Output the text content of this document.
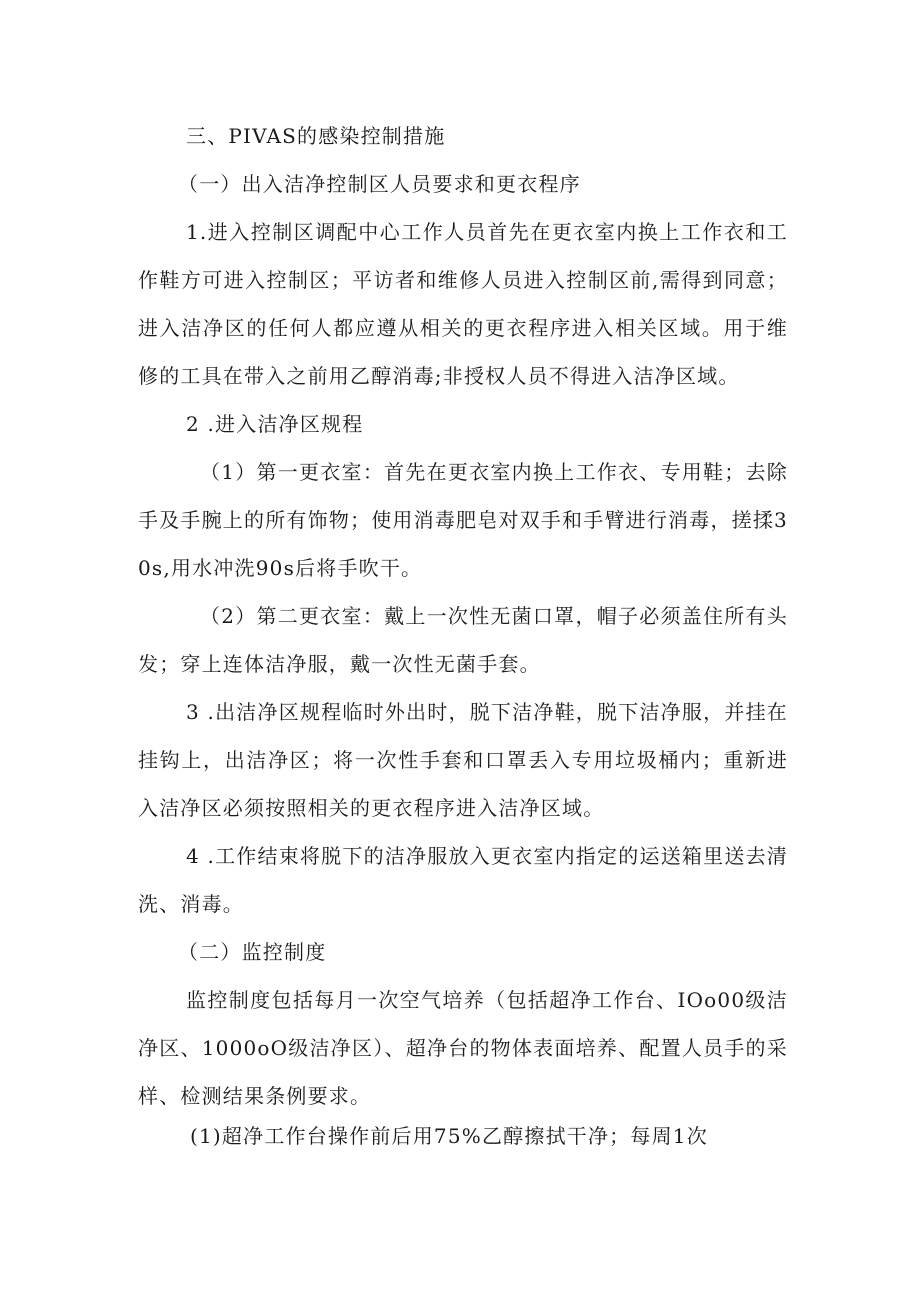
三、PIVAS的感染控制措施

（一）出入洁净控制区人员要求和更衣程序

1.进入控制区调配中心工作人员首先在更衣室内换上工作衣和工作鞋方可进入控制区；平访者和维修人员进入控制区前,需得到同意；进入洁净区的任何人都应遵从相关的更衣程序进入相关区域。用于维修的工具在带入之前用乙醇消毒;非授权人员不得进入洁净区域。

2 .进入洁净区规程

（1）第一更衣室：首先在更衣室内换上工作衣、专用鞋；去除手及手腕上的所有饰物；使用消毒肥皂对双手和手臂进行消毒，搓揉30s,用水冲洗90s后将手吹干。

（2）第二更衣室：戴上一次性无菌口罩，帽子必须盖住所有头发；穿上连体洁净服，戴一次性无菌手套。

3 .出洁净区规程临时外出时，脱下洁净鞋，脱下洁净服，并挂在挂钩上，出洁净区；将一次性手套和口罩丢入专用垃圾桶内；重新进入洁净区必须按照相关的更衣程序进入洁净区域。

4 .工作结束将脱下的洁净服放入更衣室内指定的运送箱里送去清洗、消毒。

（二）监控制度

监控制度包括每月一次空气培养（包括超净工作台、IOo00级洁净区、1000oO级洁净区）、超净台的物体表面培养、配置人员手的采样、检测结果条例要求。

(1)超净工作台操作前后用75%乙醇擦拭干净；每周1次
